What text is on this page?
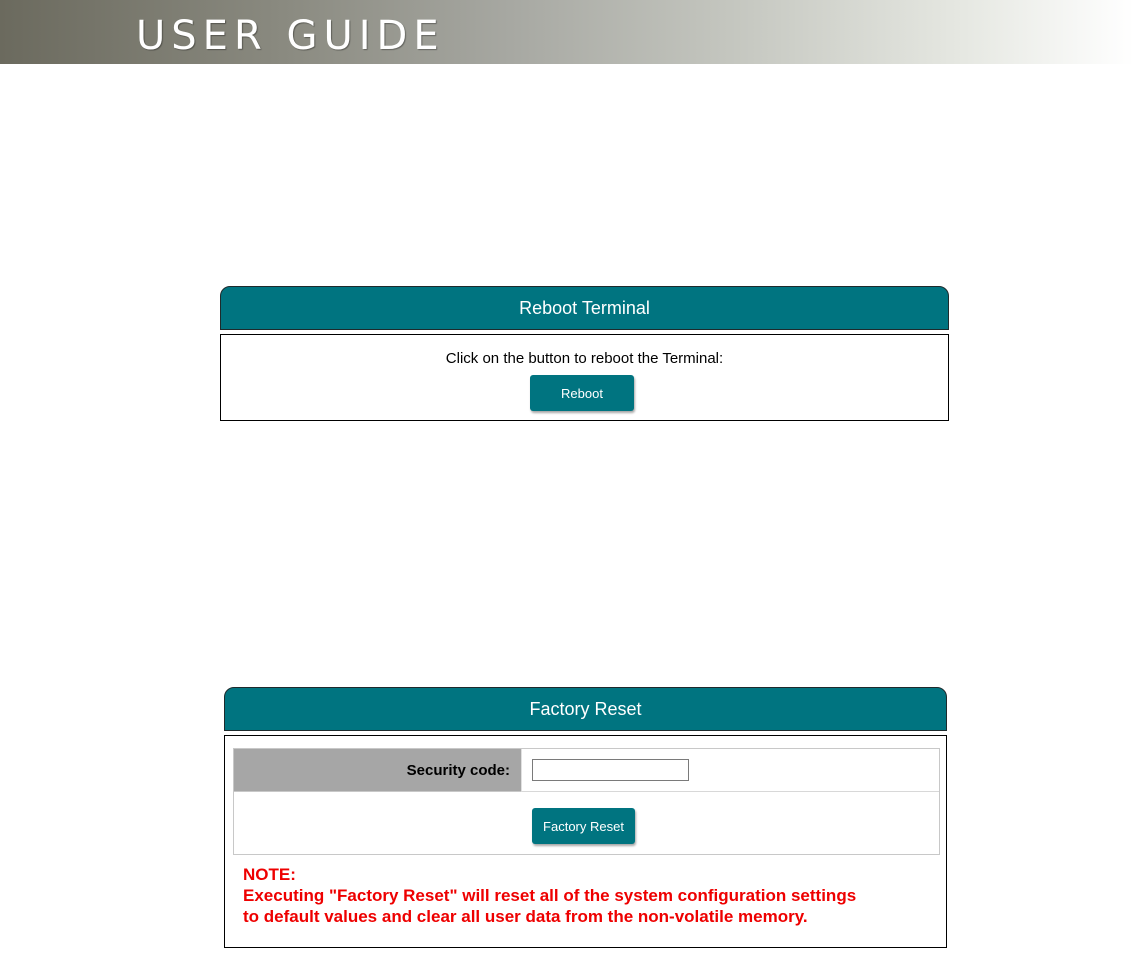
USER GUIDE
Reboot Terminal
Click on the button to reboot the Terminal:
Reboot
Factory Reset
Security code:
Factory Reset
NOTE:
Executing "Factory Reset" will reset all of the system configuration settings
to default values and clear all user data from the non-volatile memory.
